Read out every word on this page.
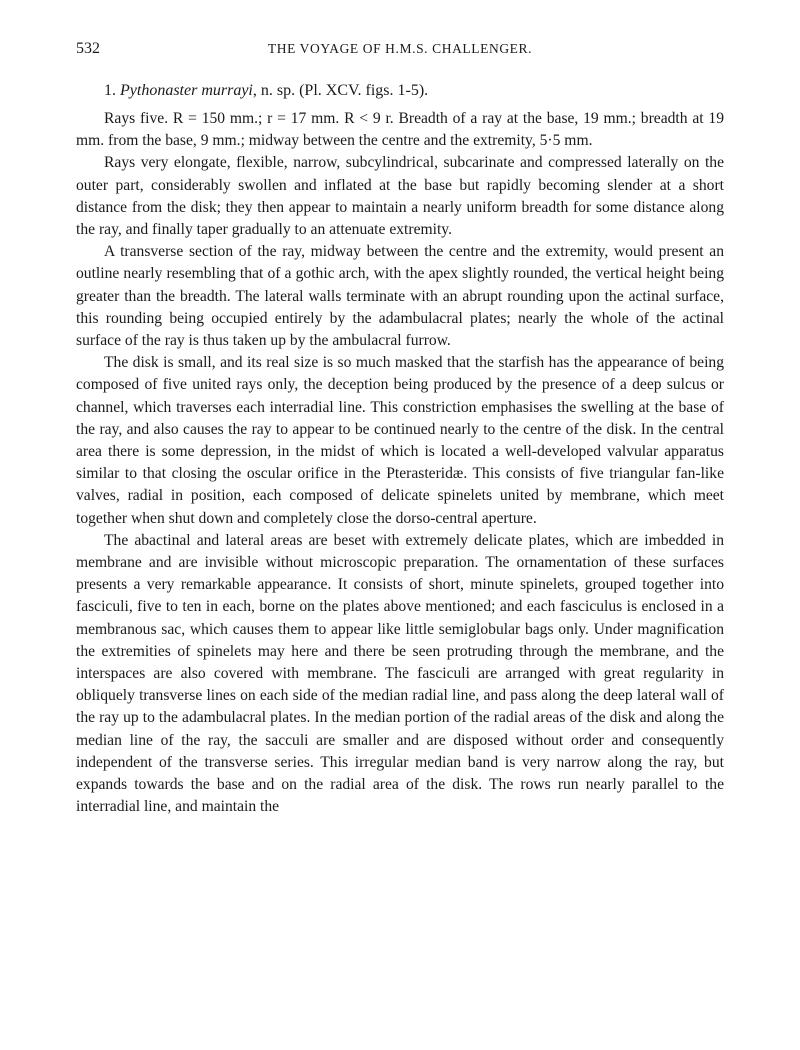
532	THE VOYAGE OF H.M.S. CHALLENGER.
1. Pythonaster murrayi, n. sp. (Pl. XCV. figs. 1-5).

Rays five. R = 150 mm.; r = 17 mm. R < 9 r. Breadth of a ray at the base, 19 mm.; breadth at 19 mm. from the base, 9 mm.; midway between the centre and the extremity, 5·5 mm.

Rays very elongate, flexible, narrow, subcylindrical, subcarinate and compressed laterally on the outer part, considerably swollen and inflated at the base but rapidly becoming slender at a short distance from the disk; they then appear to maintain a nearly uniform breadth for some distance along the ray, and finally taper gradually to an attenuate extremity.

A transverse section of the ray, midway between the centre and the extremity, would present an outline nearly resembling that of a gothic arch, with the apex slightly rounded, the vertical height being greater than the breadth. The lateral walls terminate with an abrupt rounding upon the actinal surface, this rounding being occupied entirely by the adambulacral plates; nearly the whole of the actinal surface of the ray is thus taken up by the ambulacral furrow.

The disk is small, and its real size is so much masked that the starfish has the appearance of being composed of five united rays only, the deception being produced by the presence of a deep sulcus or channel, which traverses each interradial line. This constriction emphasises the swelling at the base of the ray, and also causes the ray to appear to be continued nearly to the centre of the disk. In the central area there is some depression, in the midst of which is located a well-developed valvular apparatus similar to that closing the oscular orifice in the Pterasteridæ. This consists of five triangular fan-like valves, radial in position, each composed of delicate spinelets united by membrane, which meet together when shut down and completely close the dorso-central aperture.

The abactinal and lateral areas are beset with extremely delicate plates, which are imbedded in membrane and are invisible without microscopic preparation. The ornamentation of these surfaces presents a very remarkable appearance. It consists of short, minute spinelets, grouped together into fasciculi, five to ten in each, borne on the plates above mentioned; and each fasciculus is enclosed in a membranous sac, which causes them to appear like little semiglobular bags only. Under magnification the extremities of spinelets may here and there be seen protruding through the membrane, and the interspaces are also covered with membrane. The fasciculi are arranged with great regularity in obliquely transverse lines on each side of the median radial line, and pass along the deep lateral wall of the ray up to the adambulacral plates. In the median portion of the radial areas of the disk and along the median line of the ray, the sacculi are smaller and are disposed without order and consequently independent of the transverse series. This irregular median band is very narrow along the ray, but expands towards the base and on the radial area of the disk. The rows run nearly parallel to the interradial line, and maintain the
